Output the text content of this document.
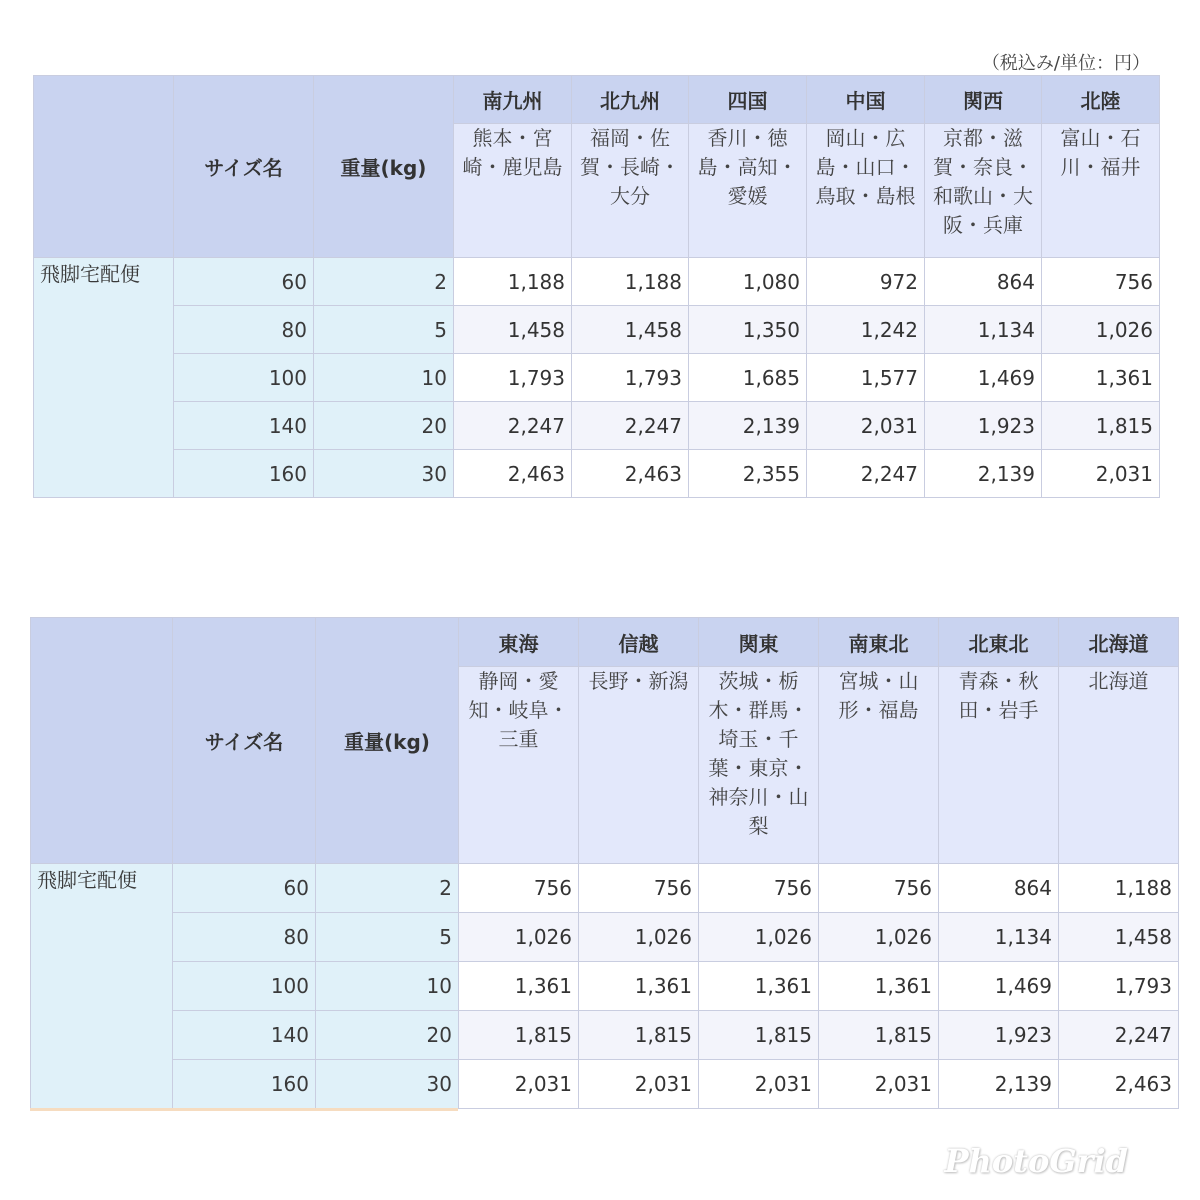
（税込み/単位：円）
	サイズ名	重量(kg)	南九州	北九州	四国	中国	関西	北陸
			熊本・宮崎・鹿児島	福岡・佐賀・長崎・大分	香川・徳島・高知・愛媛	岡山・広島・山口・鳥取・島根	京都・滋賀・奈良・和歌山・大阪・兵庫	富山・石川・福井
飛脚宅配便	60	2	1,188	1,188	1,080	972	864	756
	80	5	1,458	1,458	1,350	1,242	1,134	1,026
	100	10	1,793	1,793	1,685	1,577	1,469	1,361
	140	20	2,247	2,247	2,139	2,031	1,923	1,815
	160	30	2,463	2,463	2,355	2,247	2,139	2,031
	サイズ名	重量(kg)	東海	信越	関東	南東北	北東北	北海道
			静岡・愛知・岐阜・三重	長野・新潟	茨城・栃木・群馬・埼玉・千葉・東京・神奈川・山梨	宮城・山形・福島	青森・秋田・岩手	北海道
飛脚宅配便	60	2	756	756	756	756	864	1,188
	80	5	1,026	1,026	1,026	1,026	1,134	1,458
	100	10	1,361	1,361	1,361	1,361	1,469	1,793
	140	20	1,815	1,815	1,815	1,815	1,923	2,247
	160	30	2,031	2,031	2,031	2,031	2,139	2,463
PhotoGrid
